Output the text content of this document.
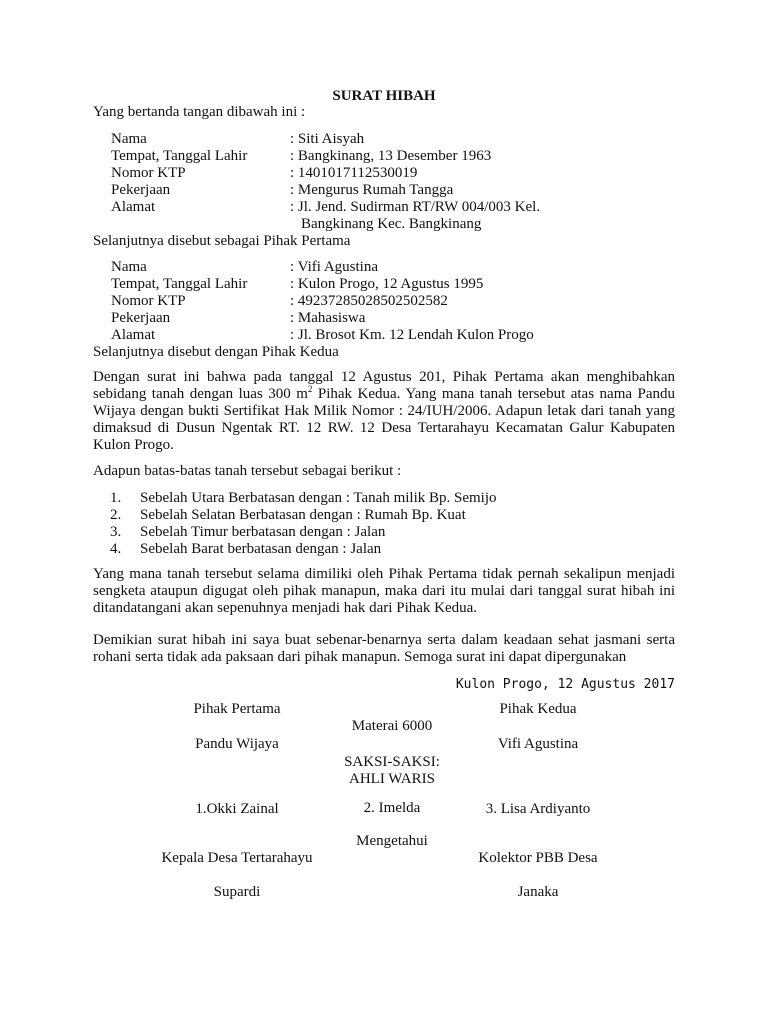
SURAT HIBAH
Yang bertanda tangan dibawah ini :
Nama	: Siti Aisyah
Tempat, Tanggal Lahir	: Bangkinang, 13 Desember 1963
Nomor KTP	: 1401017112530019
Pekerjaan	: Mengurus Rumah Tangga
Alamat	: Jl. Jend. Sudirman RT/RW 004/003 Kel.
Bangkinang Kec. Bangkinang
Selanjutnya disebut sebagai Pihak Pertama
Nama	: Vifi Agustina
Tempat, Tanggal Lahir	: Kulon Progo, 12 Agustus 1995
Nomor KTP	: 49237285028502502582
Pekerjaan	: Mahasiswa
Alamat	: Jl. Brosot Km. 12 Lendah Kulon Progo
Selanjutnya disebut dengan Pihak Kedua
Dengan surat ini bahwa pada tanggal 12 Agustus 201, Pihak Pertama akan menghibahkan sebidang tanah dengan luas 300 $m^2$ Pihak Kedua. Yang mana tanah tersebut atas nama Pandu Wijaya dengan bukti Sertifikat Hak Milik Nomor : 24/IUH/2006. Adapun letak dari tanah yang dimaksud di Dusun Ngentak RT. 12 RW. 12 Desa Tertarahayu Kecamatan Galur Kabupaten Kulon Progo.
Adapun batas-batas tanah tersebut sebagai berikut :
1. Sebelah Utara Berbatasan dengan : Tanah milik Bp. Semijo
2. Sebelah Selatan Berbatasan dengan : Rumah Bp. Kuat
3. Sebelah Timur berbatasan dengan : Jalan
4. Sebelah Barat berbatasan dengan : Jalan
Yang mana tanah tersebut selama dimiliki oleh Pihak Pertama tidak pernah sekalipun menjadi sengketa ataupun digugat oleh pihak manapun, maka dari itu mulai dari tanggal surat hibah ini ditandatangani akan sepenuhnya menjadi hak dari Pihak Kedua.
Demikian surat hibah ini saya buat sebenar-benarnya serta dalam keadaan sehat jasmani serta rohani serta tidak ada paksaan dari pihak manapun. Semoga surat ini dapat dipergunakan
Kulon Progo, 12 Agustus 2017
Pihak Pertama	Pihak Kedua
Materai 6000
Pandu Wijaya	Vifi Agustina
SAKSI-SAKSI:
AHLI WARIS
1.Okki Zainal	2. Imelda	3. Lisa Ardiyanto
Mengetahui
Kepala Desa Tertarahayu	Kolektor PBB Desa
Supardi	Janaka
